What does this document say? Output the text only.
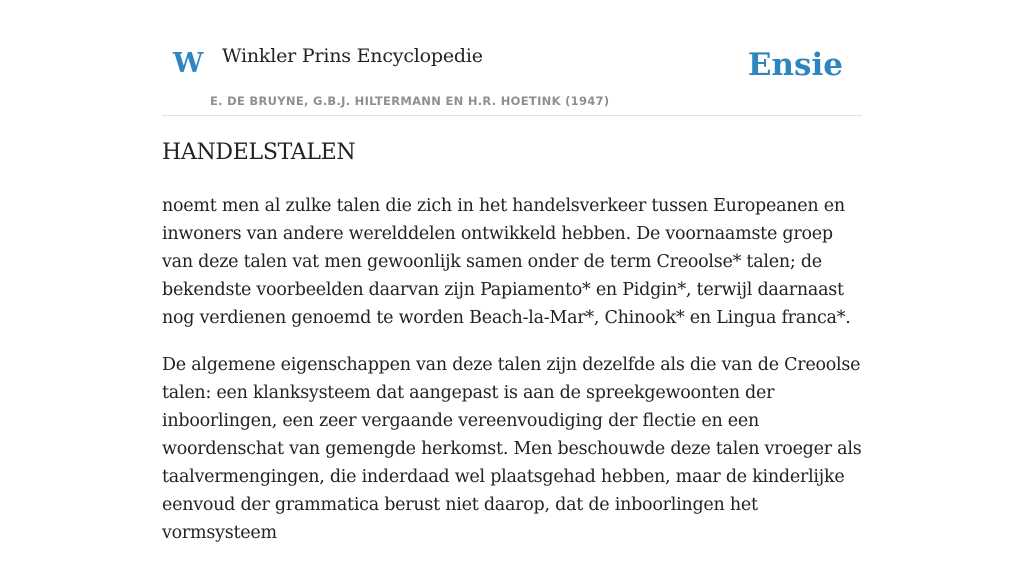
W Winkler Prins Encyclopedie
E. DE BRUYNE, G.B.J. HILTERMANN EN H.R. HOETINK (1947)
Ensie
HANDELSTALEN

noemt men al zulke talen die zich in het handelsverkeer tussen Europeanen en inwoners van andere werelddelen ontwikkeld hebben. De voornaamste groep van deze talen vat men gewoonlijk samen onder de term Creoolse* talen; de bekendste voorbeelden daarvan zijn Papiamento* en Pidgin*, terwijl daarnaast nog verdienen genoemd te worden Beach-la-Mar*, Chinook* en Lingua franca*.

De algemene eigenschappen van deze talen zijn dezelfde als die van de Creoolse talen: een klanksysteem dat aangepast is aan de spreekgewoonten der inboorlingen, een zeer vergaande vereenvoudiging der flectie en een woordenschat van gemengde herkomst. Men beschouwde deze talen vroeger als taalvermengingen, die inderdaad wel plaatsgehad hebben, maar de kinderlijke eenvoud der grammatica berust niet daarop, dat de inboorlingen het vormsysteem
